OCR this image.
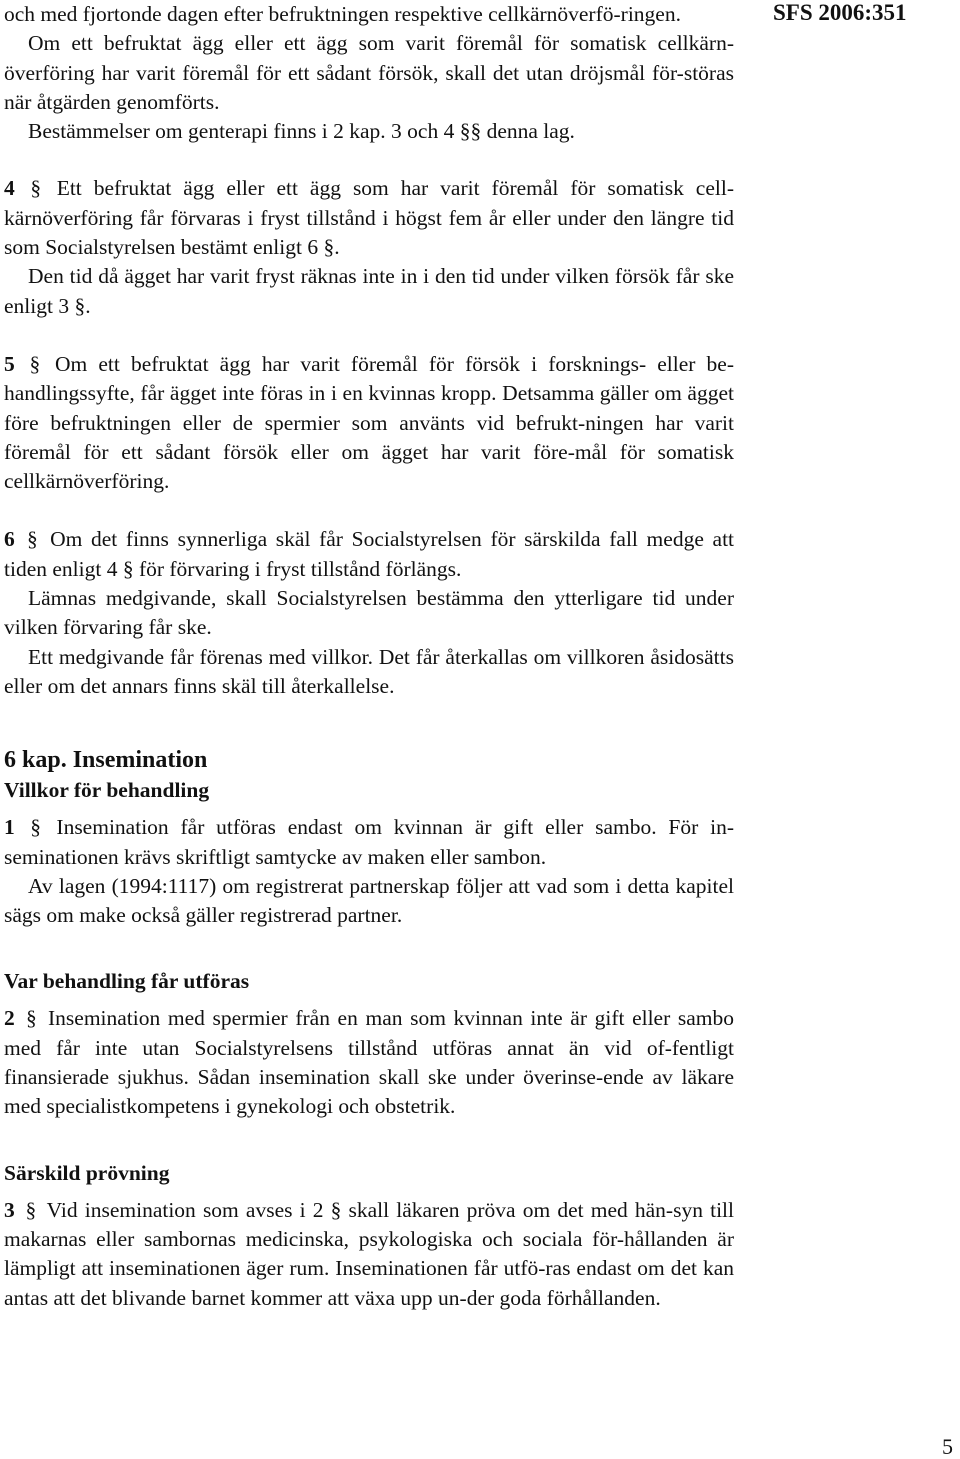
SFS 2006:351

och med fjortonde dagen efter befruktningen respektive cellkärnöverfö-ringen.

Om ett befruktat ägg eller ett ägg som varit föremål för somatisk cellkärn-överföring har varit föremål för ett sådant försök, skall det utan dröjsmål för-störas när åtgärden genomförts.

Bestämmelser om genterapi finns i 2 kap. 3 och 4 §§ denna lag.

4 § Ett befruktat ägg eller ett ägg som har varit föremål för somatisk cell-kärnöverföring får förvaras i fryst tillstånd i högst fem år eller under den längre tid som Socialstyrelsen bestämt enligt 6 §.

Den tid då ägget har varit fryst räknas inte in i den tid under vilken försök får ske enligt 3 §.

5 § Om ett befruktat ägg har varit föremål för försök i forsknings- eller be-handlingssyfte, får ägget inte föras in i en kvinnas kropp. Detsamma gäller om ägget före befruktningen eller de spermier som använts vid befrukt-ningen har varit föremål för ett sådant försök eller om ägget har varit före-mål för somatisk cellkärnöverföring.

6 § Om det finns synnerliga skäl får Socialstyrelsen för särskilda fall medge att tiden enligt 4 § för förvaring i fryst tillstånd förlängs.

Lämnas medgivande, skall Socialstyrelsen bestämma den ytterligare tid under vilken förvaring får ske.

Ett medgivande får förenas med villkor. Det får återkallas om villkoren åsidosätts eller om det annars finns skäl till återkallelse.

6 kap. Insemination
Villkor för behandling

1 § Insemination får utföras endast om kvinnan är gift eller sambo. För in-seminationen krävs skriftligt samtycke av maken eller sambon.

Av lagen (1994:1117) om registrerat partnerskap följer att vad som i detta kapitel sägs om make också gäller registrerad partner.

Var behandling får utföras

2 § Insemination med spermier från en man som kvinnan inte är gift eller sambo med får inte utan Socialstyrelsens tillstånd utföras annat än vid of-fentligt finansierade sjukhus. Sådan insemination skall ske under överinse-ende av läkare med specialistkompetens i gynekologi och obstetrik.

Särskild prövning

3 § Vid insemination som avses i 2 § skall läkaren pröva om det med hän-syn till makarnas eller sambornas medicinska, psykologiska och sociala för-hållanden är lämpligt att inseminationen äger rum. Inseminationen får utfö-ras endast om det kan antas att det blivande barnet kommer att växa upp un-der goda förhållanden.

5
